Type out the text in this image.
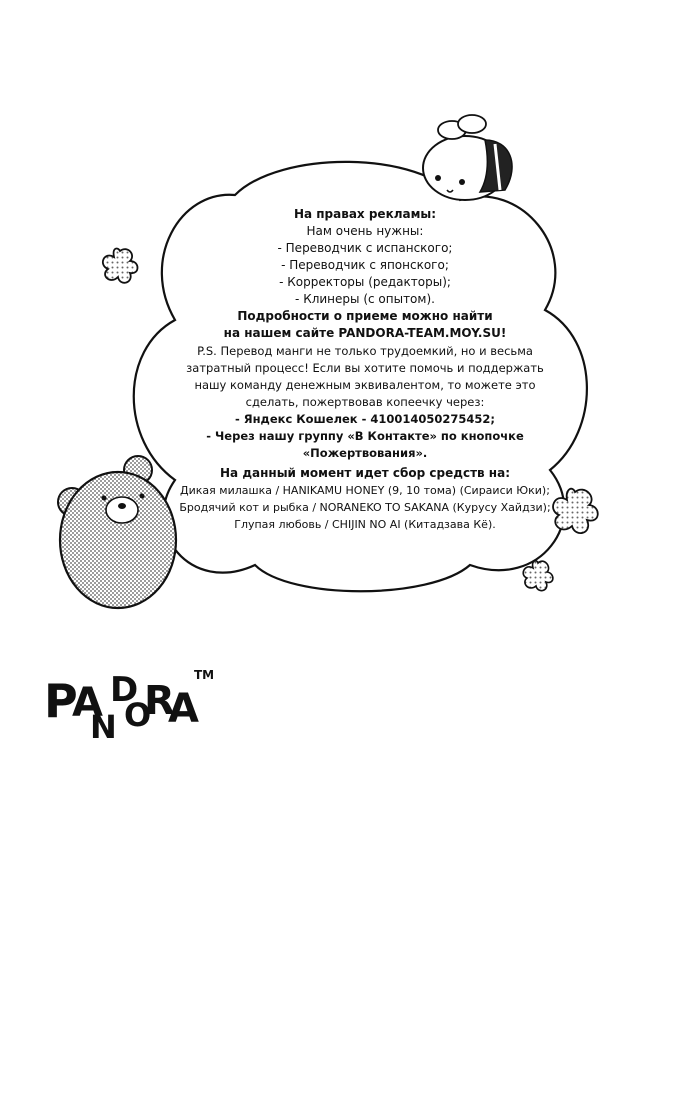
На правах рекламы:
Нам очень нужны:
- Переводчик с испанского;
- Переводчик с японского;
- Корректоры (редакторы);
- Клинеры (с опытом).
Подробности о приеме можно найти
на нашем сайте PANDORA-TEAM.MOY.SU!
P.S. Перевод манги не только трудоемкий, но и весьма
затратный процесс! Если вы хотите помочь и поддержать
нашу команду денежным эквивалентом, то можете это
сделать, пожертвовав копеечку через:
- Яндекс Кошелек - 410014050275452;
- Через нашу группу «В Контакте» по кнопочке
«Пожертвования».
На данный момент идет сбор средств на:
Дикая милашка / HANIKAMU HONEY (9, 10 тома) (Сираиси Юки);
Бродячий кот и рыбка / NORANEKO TO SAKANA (Курусу Хайдзи);
Глупая любовь / CHIJIN NO AI (Китадзава Кё).
P
A
N
D
O
R
A
TM
